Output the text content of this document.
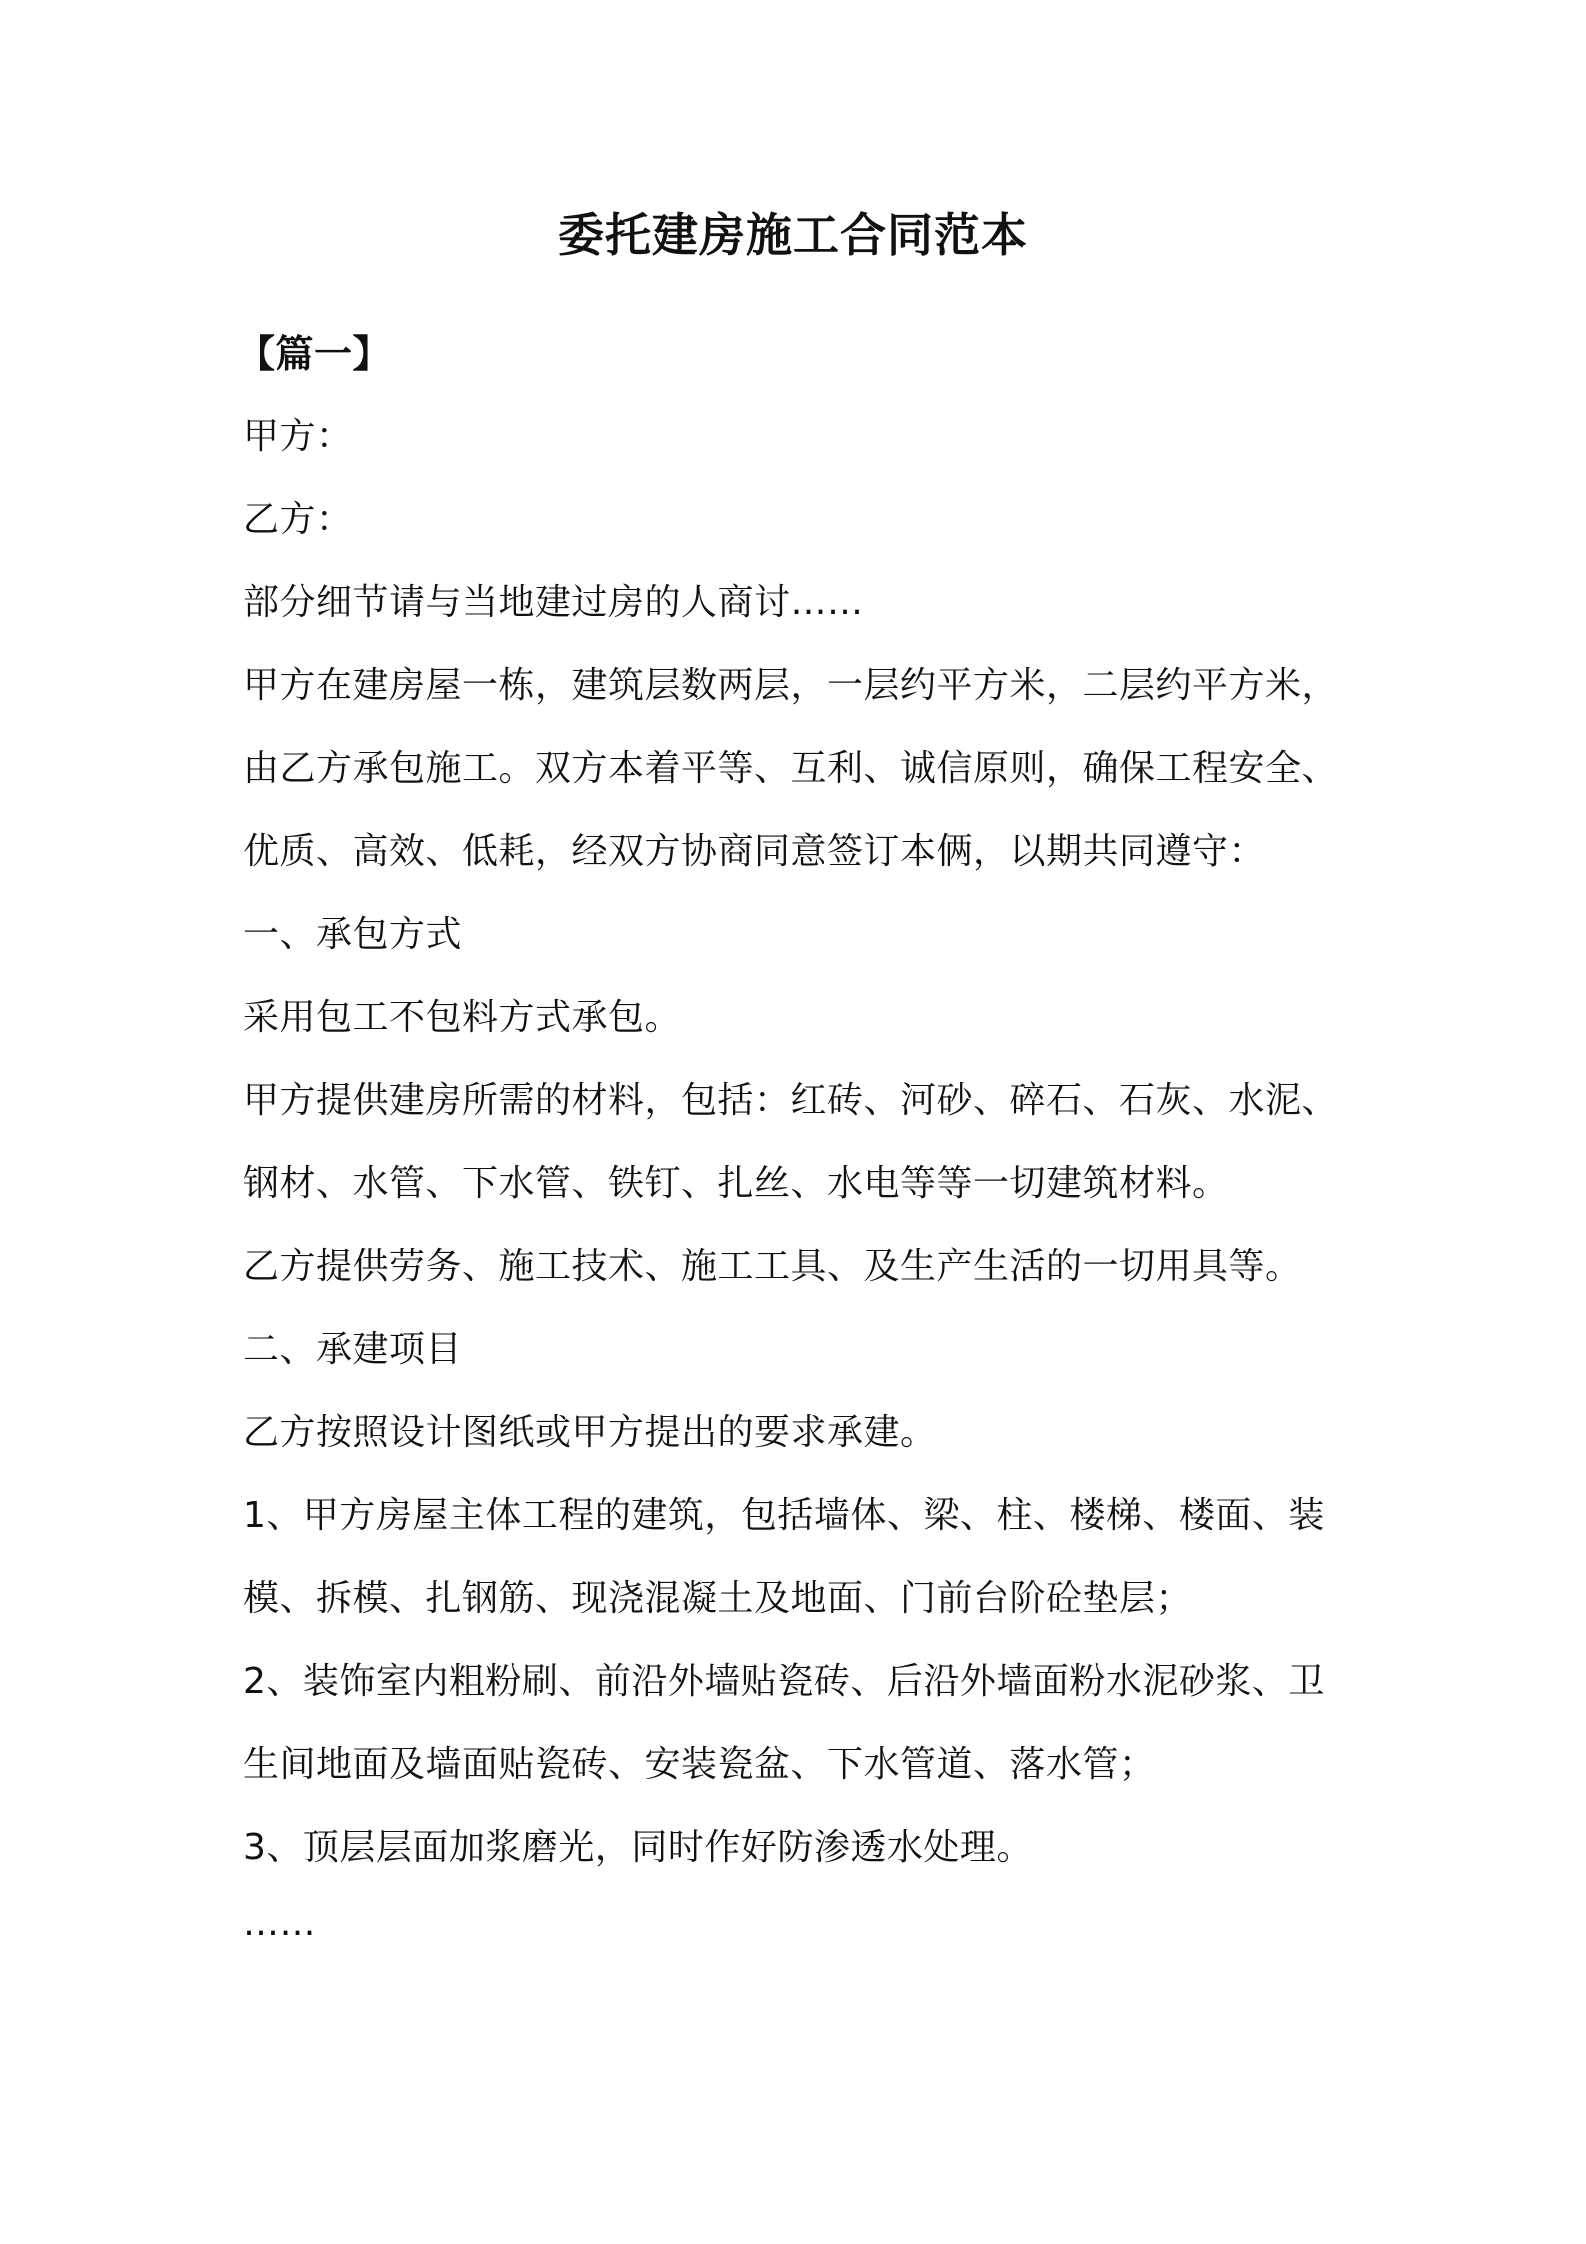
委托建房施工合同范本
【篇一】
甲方：
乙方：
部分细节请与当地建过房的人商讨……
甲方在建房屋一栋，建筑层数两层，一层约平方米，二层约平方米，
由乙方承包施工。双方本着平等、互利、诚信原则，确保工程安全、
优质、高效、低耗，经双方协商同意签订本俩，以期共同遵守：
一、承包方式
采用包工不包料方式承包。
甲方提供建房所需的材料，包括：红砖、河砂、碎石、石灰、水泥、
钢材、水管、下水管、铁钉、扎丝、水电等等一切建筑材料。
乙方提供劳务、施工技术、施工工具、及生产生活的一切用具等。
二、承建项目
乙方按照设计图纸或甲方提出的要求承建。
1、甲方房屋主体工程的建筑，包括墙体、梁、柱、楼梯、楼面、装
模、拆模、扎钢筋、现浇混凝土及地面、门前台阶砼垫层；
2、装饰室内粗粉刷、前沿外墙贴瓷砖、后沿外墙面粉水泥砂浆、卫
生间地面及墙面贴瓷砖、安装瓷盆、下水管道、落水管；
3、顶层层面加浆磨光，同时作好防渗透水处理。
……
